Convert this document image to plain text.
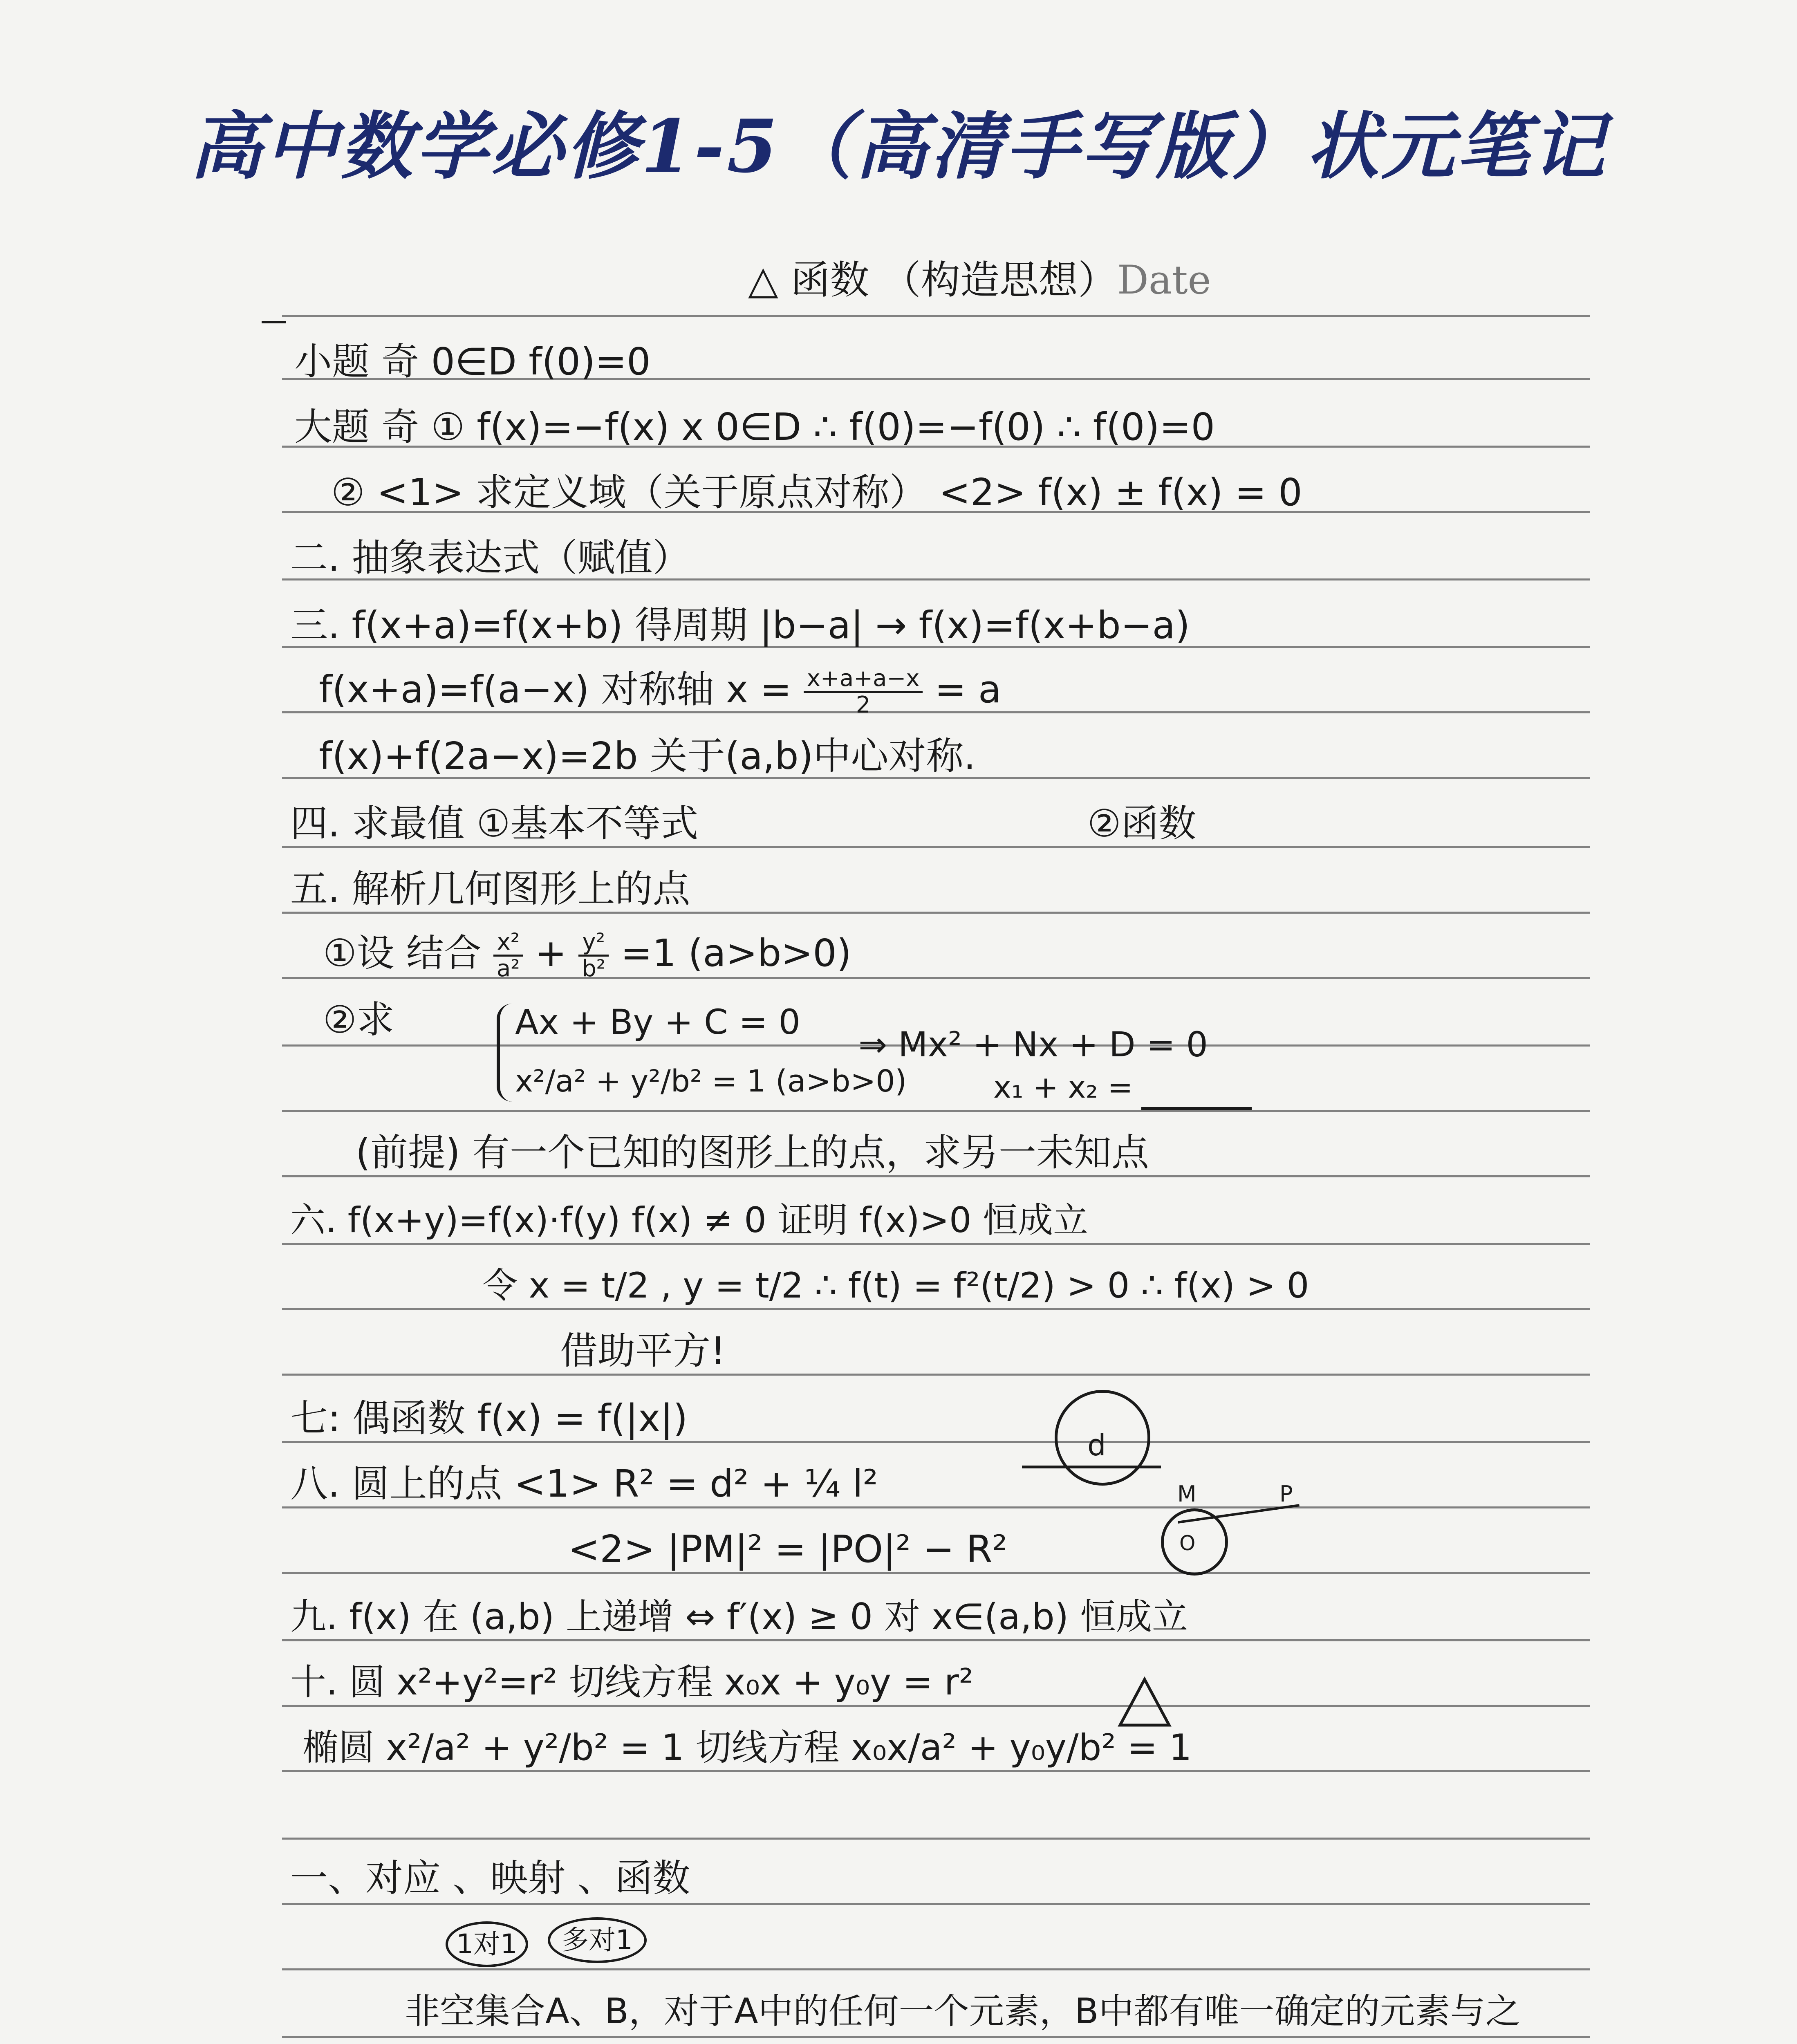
高中数学必修1-5（高清手写版）状元笔记
△ 函数 （构造思想）Date
小题 奇 0∈D f(0)=0
大题 奇 ① f(x)=−f(x) x 0∈D ∴ f(0)=−f(0) ∴ f(0)=0
② <1> 求定义域（关于原点对称） <2> f(x) ± f(x) = 0
二. 抽象表达式（赋值）
三. f(x+a)=f(x+b) 得周期 |b−a| → f(x)=f(x+b−a)
f(x+a)=f(a−x) 对称轴 $x = \frac{x+a+a-x}{2} = a$
f(x)+f(2a−x)=2b 关于(a,b)中心对称.
四. 求最值 ①基本不等式	②函数
五. 解析几何图形上的点
①设 结合 $\frac{\text{x²}}{\text{a²}} + \frac{\text{y²}}{\text{b²}} =1$ (a>b>0)
②求	Ax + By + C = 0
x²/a² + y²/b² = 1 (a>b>0)
⇒ Mx² + Nx + D = 0
x₁ + x₂ =
(前提) 有一个已知的图形上的点，求另一未知点
六. f(x+y)=f(x)·f(y) f(x) ≠ 0 证明 f(x)>0 恒成立
令 x = t/2 , y = t/2 ∴ f(t) = f²(t/2) > 0 ∴ f(x) > 0
借助平方!
七: 偶函数 f(x) = f(|x|)
八. 圆上的点 <1> R² = d² + ¼ l²
<2> |PM|² = |PO|² − R²
d
M	P
O
九. f(x) 在 (a,b) 上递增 ⇔ f′(x) ≥ 0 对 x∈(a,b) 恒成立
十. 圆 x²+y²=r² 切线方程 x₀x + y₀y = r²
椭圆 x²/a² + y²/b² = 1 切线方程 x₀x/a² + y₀y/b² = 1
一、对应 、映射 、函数
1对1	多对1
非空集合A、B，对于A中的任何一个元素，B中都有唯一确定的元素与之
